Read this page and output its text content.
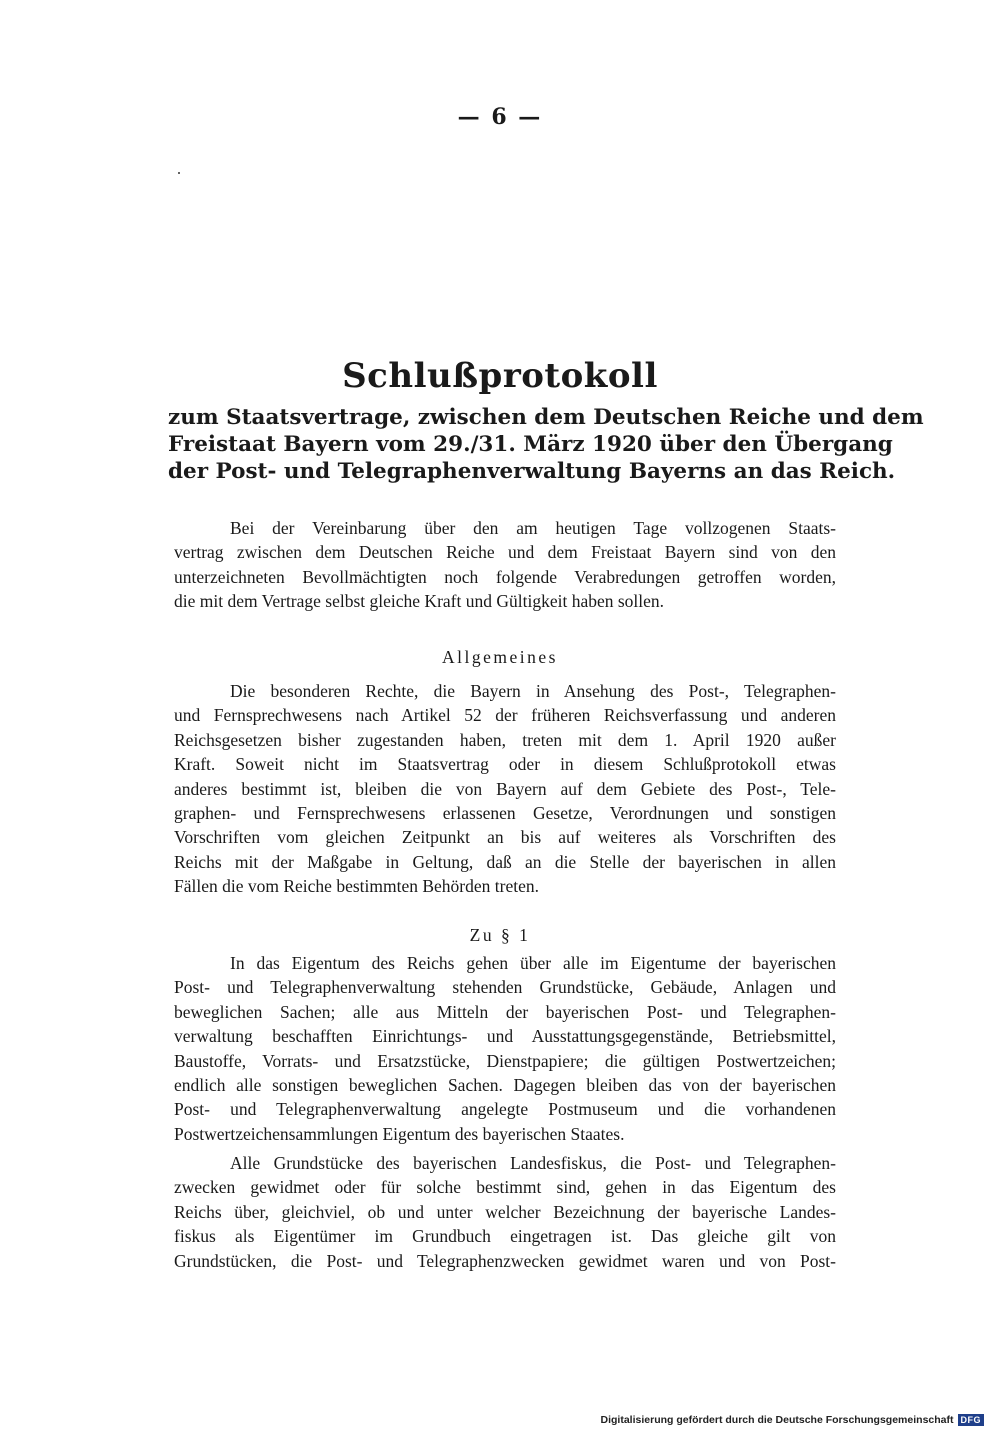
— 6 —
Schlußprotokoll
zum Staatsvertrage, zwischen dem Deutschen Reiche und dem
Freistaat Bayern vom 29./31. März 1920 über den Übergang
der Post- und Telegraphenverwaltung Bayerns an das Reich.
Bei der Vereinbarung über den am heutigen Tage vollzogenen Staats-
vertrag zwischen dem Deutschen Reiche und dem Freistaat Bayern sind von den
unterzeichneten Bevollmächtigten noch folgende Verabredungen getroffen worden,
die mit dem Vertrage selbst gleiche Kraft und Gültigkeit haben sollen.
Allgemeines
Die besonderen Rechte, die Bayern in Ansehung des Post-, Telegraphen-
und Fernsprechwesens nach Artikel 52 der früheren Reichsverfassung und anderen
Reichsgesetzen bisher zugestanden haben, treten mit dem 1. April 1920 außer
Kraft. Soweit nicht im Staatsvertrag oder in diesem Schlußprotokoll etwas
anderes bestimmt ist, bleiben die von Bayern auf dem Gebiete des Post-, Tele-
graphen- und Fernsprechwesens erlassenen Gesetze, Verordnungen und sonstigen
Vorschriften vom gleichen Zeitpunkt an bis auf weiteres als Vorschriften des
Reichs mit der Maßgabe in Geltung, daß an die Stelle der bayerischen in allen
Fällen die vom Reiche bestimmten Behörden treten.
Zu § 1
In das Eigentum des Reichs gehen über alle im Eigentume der bayerischen
Post- und Telegraphenverwaltung stehenden Grundstücke, Gebäude, Anlagen und
beweglichen Sachen; alle aus Mitteln der bayerischen Post- und Telegraphen-
verwaltung beschafften Einrichtungs- und Ausstattungsgegenstände, Betriebsmittel,
Baustoffe, Vorrats- und Ersatzstücke, Dienstpapiere; die gültigen Postwertzeichen;
endlich alle sonstigen beweglichen Sachen. Dagegen bleiben das von der bayerischen
Post- und Telegraphenverwaltung angelegte Postmuseum und die vorhandenen
Postwertzeichensammlungen Eigentum des bayerischen Staates.
Alle Grundstücke des bayerischen Landesfiskus, die Post- und Telegraphen-
zwecken gewidmet oder für solche bestimmt sind, gehen in das Eigentum des
Reichs über, gleichviel, ob und unter welcher Bezeichnung der bayerische Landes-
fiskus als Eigentümer im Grundbuch eingetragen ist. Das gleiche gilt von
Grundstücken, die Post- und Telegraphenzwecken gewidmet waren und von Post-
Digitalisierung gefördert durch die Deutsche Forschungsgemeinschaft DFG
